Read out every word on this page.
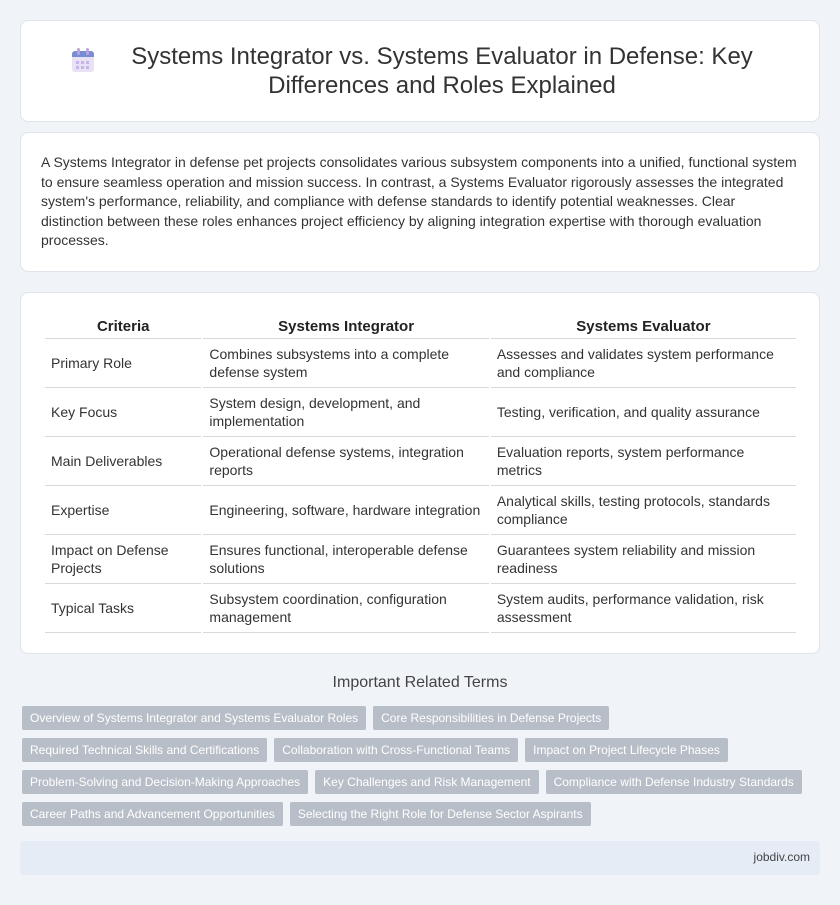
Systems Integrator vs. Systems Evaluator in Defense: Key Differences and Roles Explained

A Systems Integrator in defense pet projects consolidates various subsystem components into a unified, functional system to ensure seamless operation and mission success. In contrast, a Systems Evaluator rigorously assesses the integrated system's performance, reliability, and compliance with defense standards to identify potential weaknesses. Clear distinction between these roles enhances project efficiency by aligning integration expertise with thorough evaluation processes.

Criteria	Systems Integrator	Systems Evaluator
Primary Role	Combines subsystems into a complete defense system	Assesses and validates system performance and compliance
Key Focus	System design, development, and implementation	Testing, verification, and quality assurance
Main Deliverables	Operational defense systems, integration reports	Evaluation reports, system performance metrics
Expertise	Engineering, software, hardware integration	Analytical skills, testing protocols, standards compliance
Impact on Defense Projects	Ensures functional, interoperable defense solutions	Guarantees system reliability and mission readiness
Typical Tasks	Subsystem coordination, configuration management	System audits, performance validation, risk assessment
Important Related Terms
Overview of Systems Integrator and Systems Evaluator Roles	Core Responsibilities in Defense Projects
Required Technical Skills and Certifications	Collaboration with Cross-Functional Teams	Impact on Project Lifecycle Phases
Problem-Solving and Decision-Making Approaches	Key Challenges and Risk Management	Compliance with Defense Industry Standards
Career Paths and Advancement Opportunities	Selecting the Right Role for Defense Sector Aspirants
jobdiv.com
